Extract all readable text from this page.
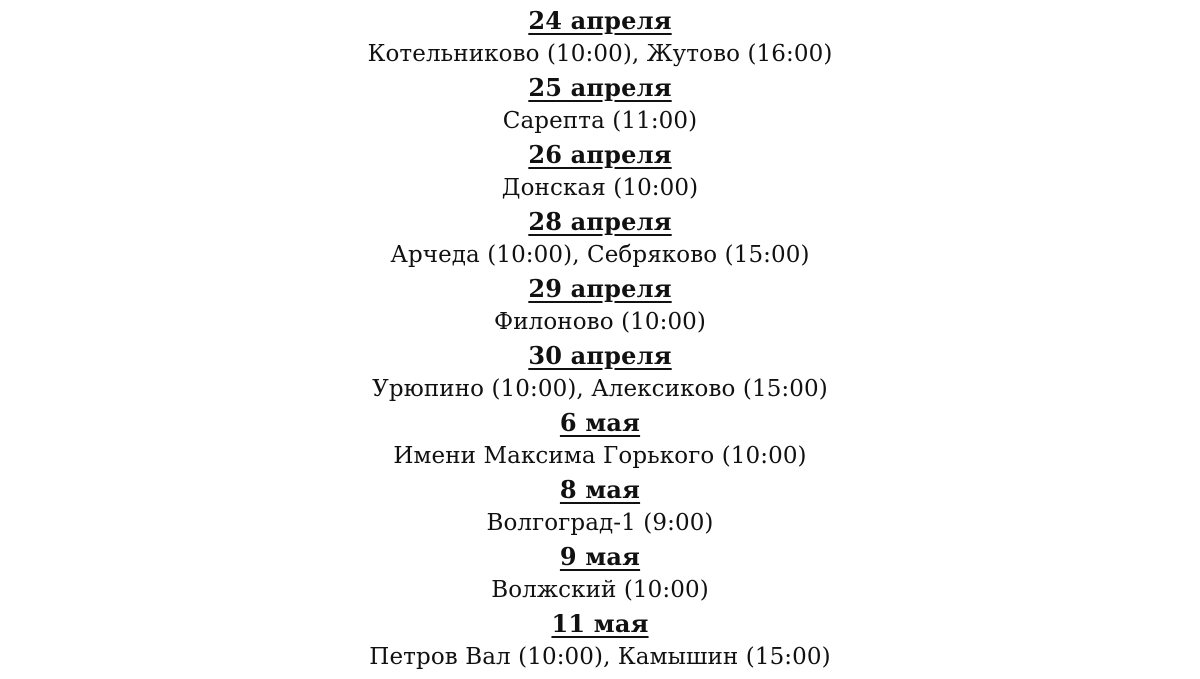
24 апреля
Котельниково (10:00), Жутово (16:00)
25 апреля
Сарепта (11:00)
26 апреля
Донская (10:00)
28 апреля
Арчеда (10:00), Себряково (15:00)
29 апреля
Филоново (10:00)
30 апреля
Урюпино (10:00), Алексиково (15:00)
6 мая
Имени Максима Горького (10:00)
8 мая
Волгоград-1 (9:00)
9 мая
Волжский (10:00)
11 мая
Петров Вал (10:00), Камышин (15:00)
